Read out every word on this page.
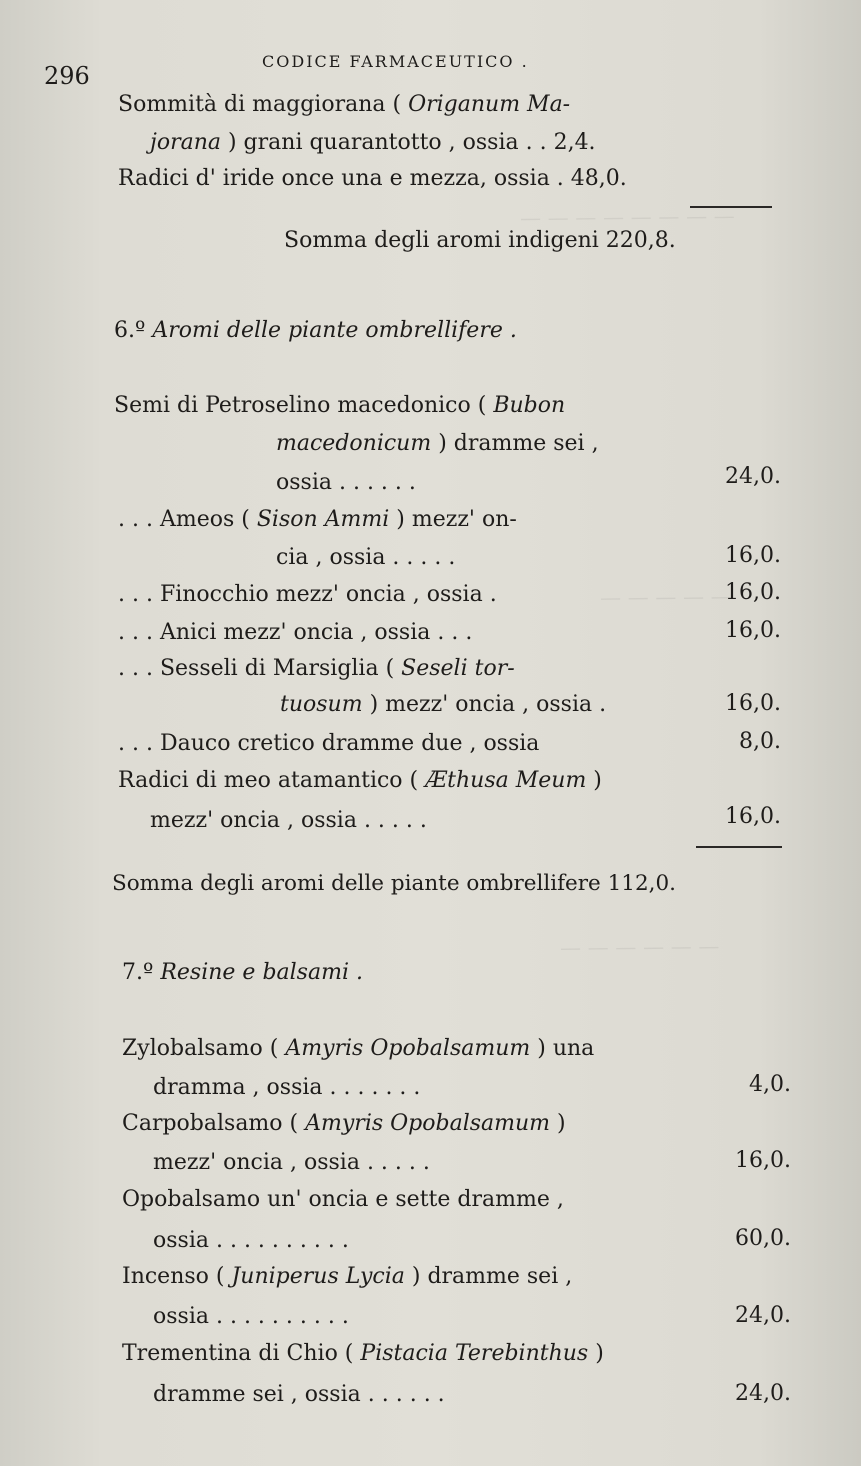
— — — — — — — —
— — — — —
— — — — — —
296
CODICE FARMACEUTICO .
Sommità di maggiorana ( Origanum Ma-
jorana ) grani quarantotto , ossia . . 2,4.
Radici d' iride once una e mezza, ossia . 48,0.
Somma degli aromi indigeni 220,8.
6.º Aromi delle piante ombrellifere .
Semi di Petroselino macedonico ( Bubon
macedonicum ) dramme sei ,
ossia . . . . . .	24,0.
. . . Ameos ( Sison Ammi ) mezz' on-
cia , ossia . . . . .	16,0.
. . . Finocchio mezz' oncia , ossia .	16,0.
. . . Anici mezz' oncia , ossia . . .	16,0.
. . . Sesseli di Marsiglia ( Seseli tor-
tuosum ) mezz' oncia , ossia .	16,0.
. . . Dauco cretico dramme due , ossia	8,0.
Radici di meo atamantico ( Æthusa Meum )
mezz' oncia , ossia . . . . .	16,0.
Somma degli aromi delle piante ombrellifere 112,0.
7.º Resine e balsami .
Zylobalsamo ( Amyris Opobalsamum ) una
dramma , ossia . . . . . . .	4,0.
Carpobalsamo ( Amyris Opobalsamum )
mezz' oncia , ossia . . . . .	16,0.
Opobalsamo un' oncia e sette dramme ,
ossia . . . . . . . . . .	60,0.
Incenso ( Juniperus Lycia ) dramme sei ,
ossia . . . . . . . . . .	24,0.
Trementina di Chio ( Pistacia Terebinthus )
dramme sei , ossia . . . . . .	24,0.
